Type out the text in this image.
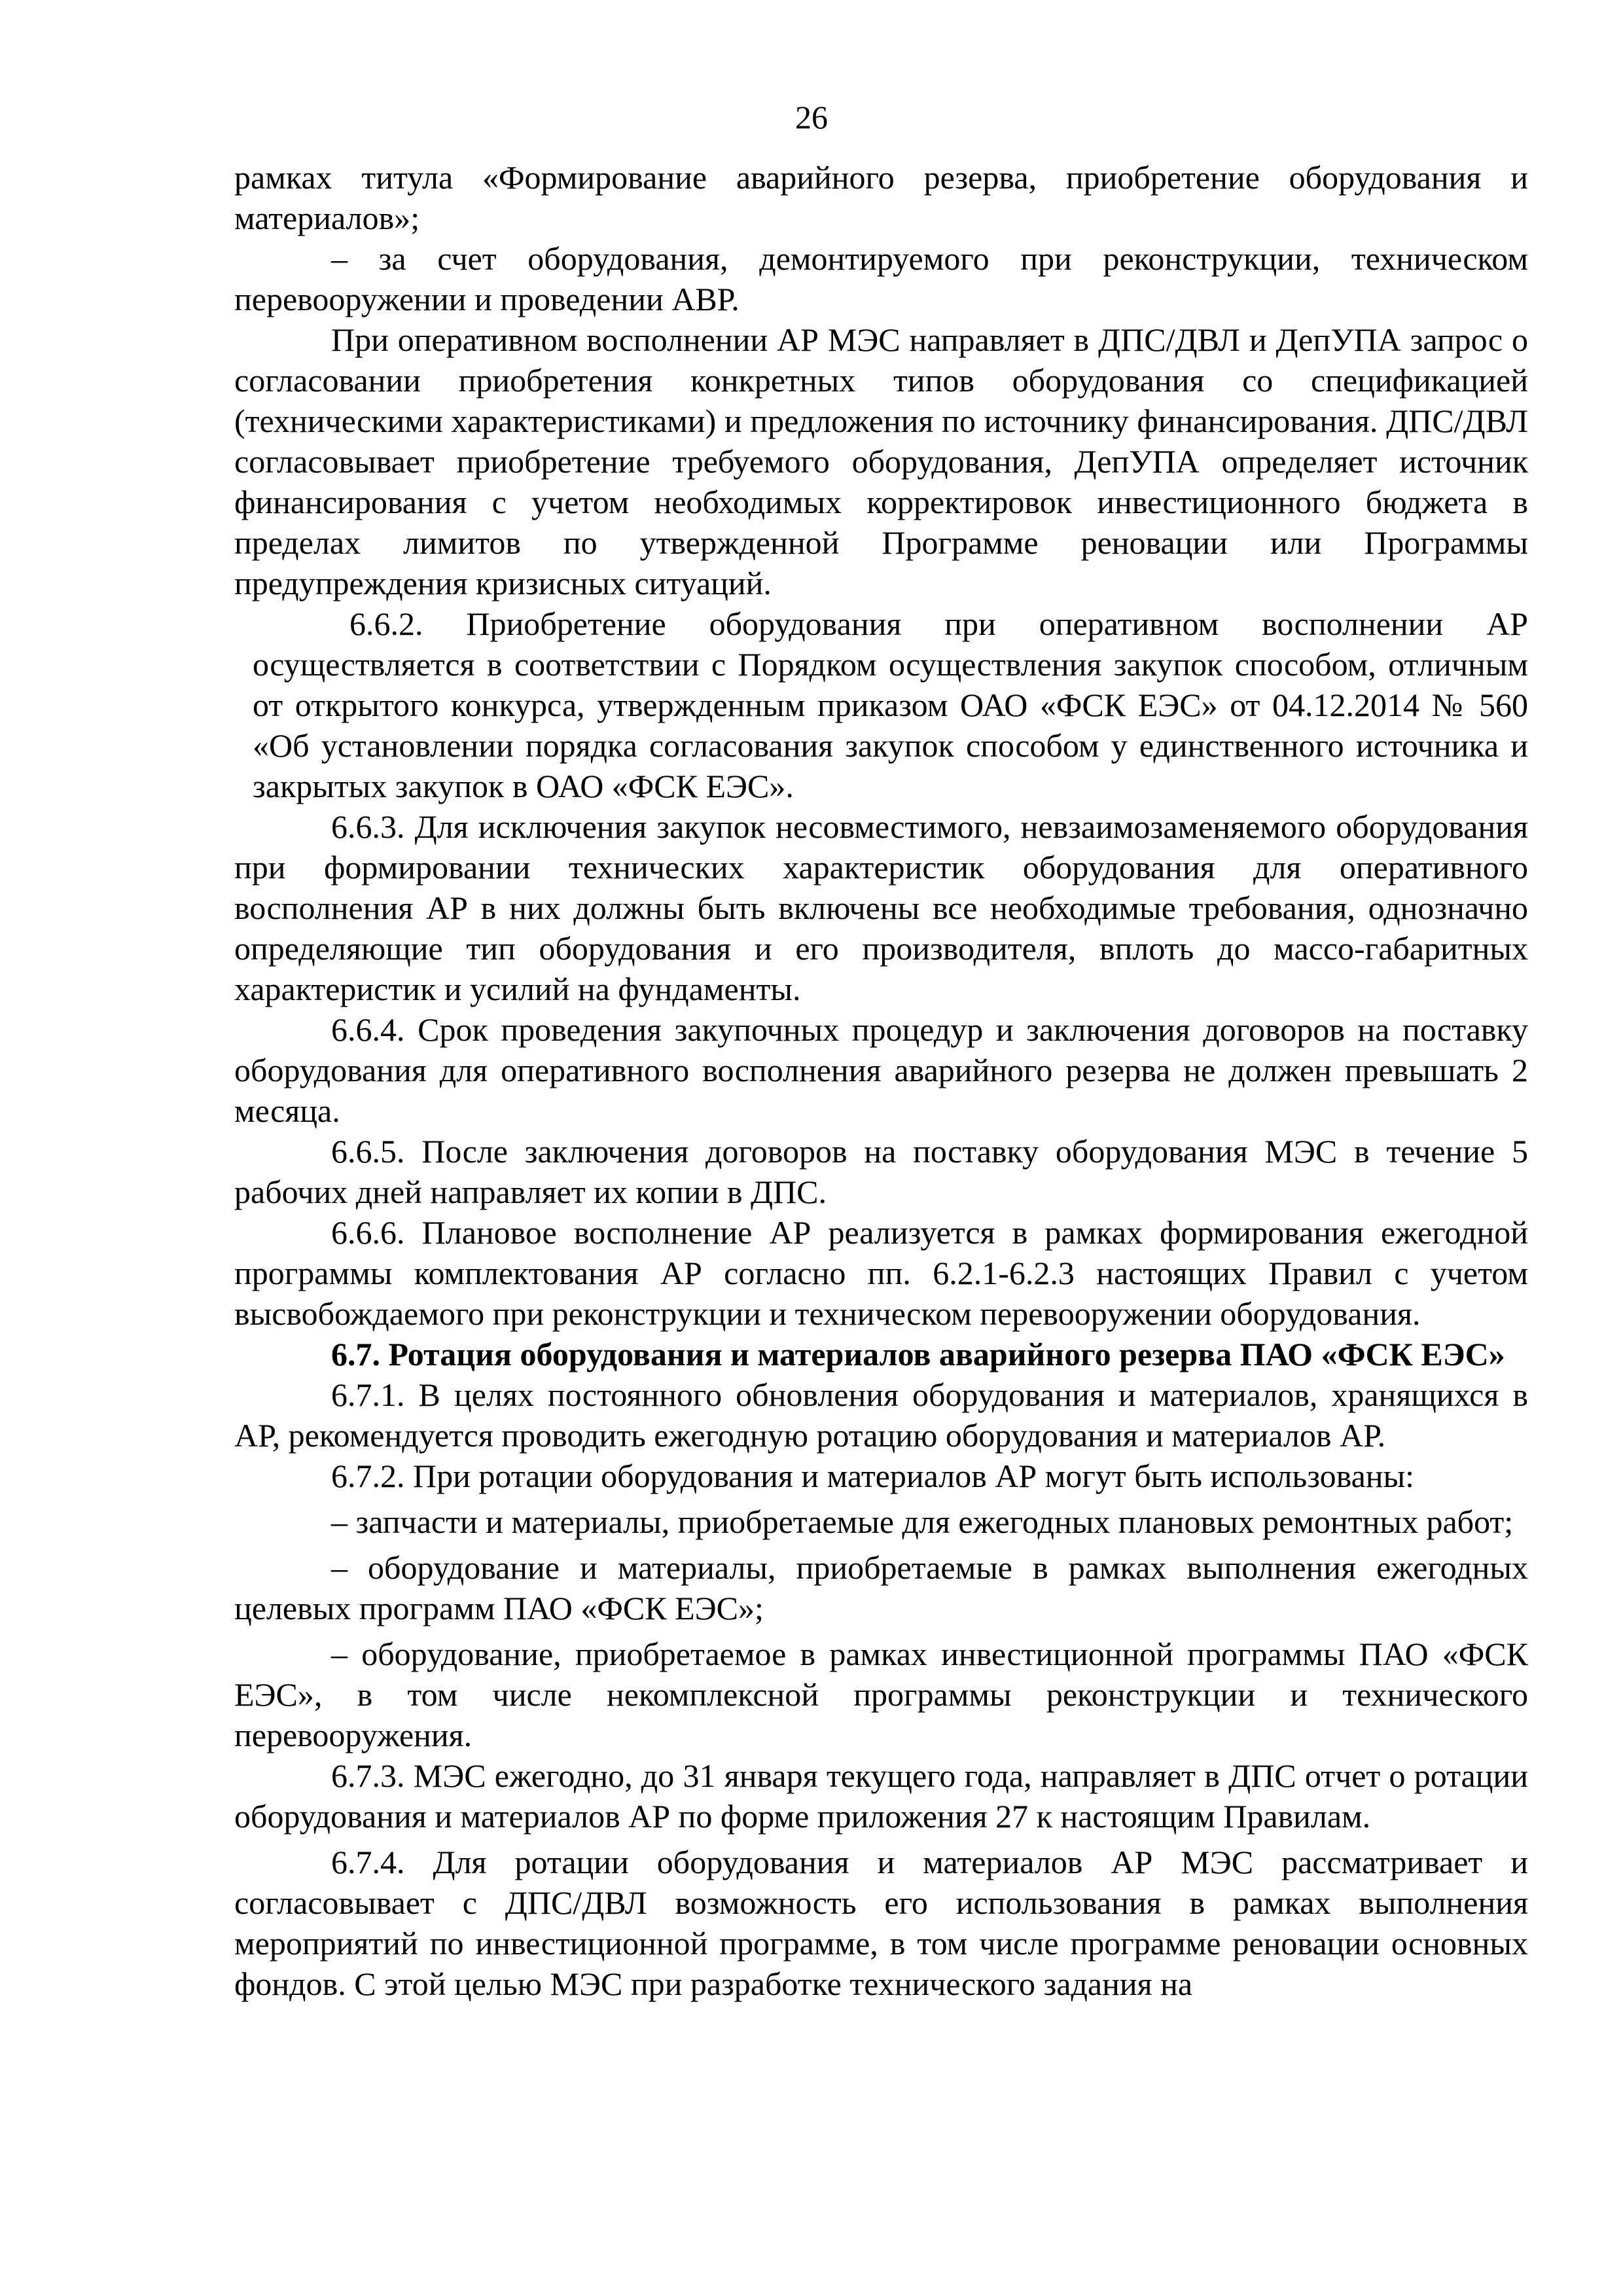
26

рамках титула «Формирование аварийного резерва, приобретение оборудования и материалов»;

– за счет оборудования, демонтируемого при реконструкции, техническом перевооружении и проведении АВР.

При оперативном восполнении АР МЭС направляет в ДПС/ДВЛ и ДепУПА запрос о согласовании приобретения конкретных типов оборудования со спецификацией (техническими характеристиками) и предложения по источнику финансирования. ДПС/ДВЛ согласовывает приобретение требуемого оборудования, ДепУПА определяет источник финансирования с учетом необходимых корректировок инвестиционного бюджета в пределах лимитов по утвержденной Программе реновации или Программы предупреждения кризисных ситуаций.

6.6.2. Приобретение оборудования при оперативном восполнении АР осуществляется в соответствии с Порядком осуществления закупок способом, отличным от открытого конкурса, утвержденным приказом ОАО «ФСК ЕЭС» от 04.12.2014 № 560 «Об установлении порядка согласования закупок способом у единственного источника и закрытых закупок в ОАО «ФСК ЕЭС».

6.6.3. Для исключения закупок несовместимого, невзаимозаменяемого оборудования при формировании технических характеристик оборудования для оперативного восполнения АР в них должны быть включены все необходимые требования, однозначно определяющие тип оборудования и его производителя, вплоть до массо-габаритных характеристик и усилий на фундаменты.

6.6.4. Срок проведения закупочных процедур и заключения договоров на поставку оборудования для оперативного восполнения аварийного резерва не должен превышать 2 месяца.

6.6.5. После заключения договоров на поставку оборудования МЭС в течение 5 рабочих дней направляет их копии в ДПС.

6.6.6. Плановое восполнение АР реализуется в рамках формирования ежегодной программы комплектования АР согласно пп. 6.2.1-6.2.3 настоящих Правил с учетом высвобождаемого при реконструкции и техническом перевооружении оборудования.

6.7. Ротация оборудования и материалов аварийного резерва ПАО «ФСК ЕЭС»

6.7.1. В целях постоянного обновления оборудования и материалов, хранящихся в АР, рекомендуется проводить ежегодную ротацию оборудования и материалов АР.

6.7.2. При ротации оборудования и материалов АР могут быть использованы:

– запчасти и материалы, приобретаемые для ежегодных плановых ремонтных работ;

– оборудование и материалы, приобретаемые в рамках выполнения ежегодных целевых программ ПАО «ФСК ЕЭС»;

– оборудование, приобретаемое в рамках инвестиционной программы ПАО «ФСК ЕЭС», в том числе некомплексной программы реконструкции и технического перевооружения.

6.7.3. МЭС ежегодно, до 31 января текущего года, направляет в ДПС отчет о ротации оборудования и материалов АР по форме приложения 27 к настоящим Правилам.

6.7.4. Для ротации оборудования и материалов АР МЭС рассматривает и согласовывает с ДПС/ДВЛ возможность его использования в рамках выполнения мероприятий по инвестиционной программе, в том числе программе реновации основных фондов. С этой целью МЭС при разработке технического задания на
